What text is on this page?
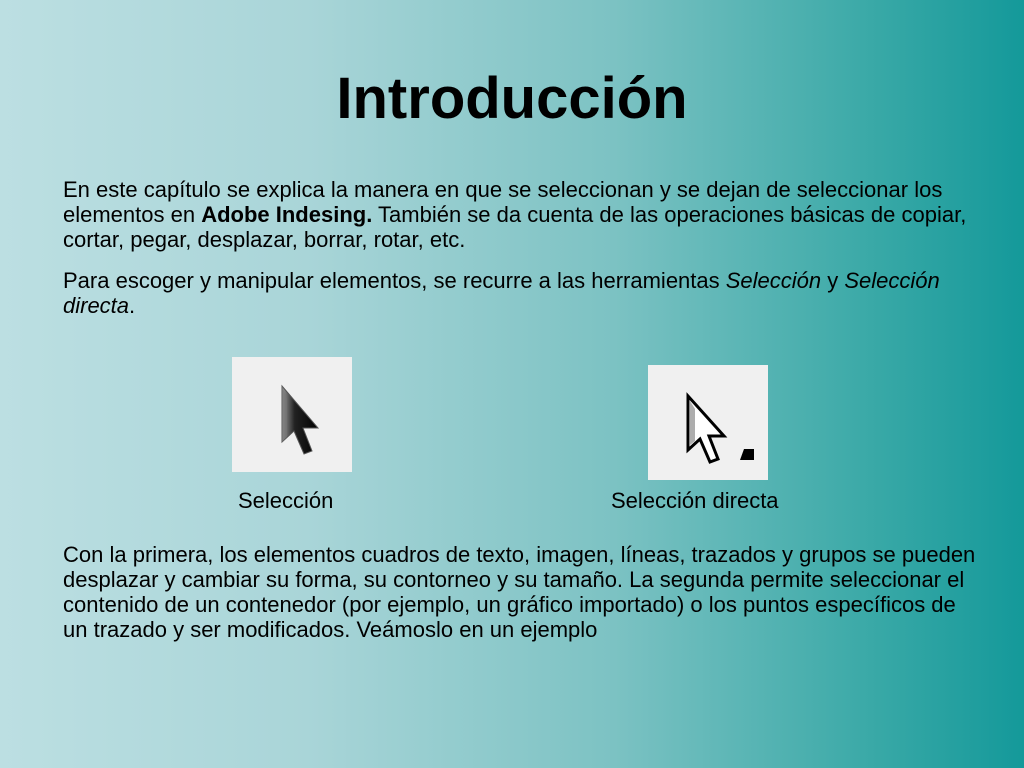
Introducción

En este capítulo se explica la manera en que se seleccionan y se dejan de seleccionar los elementos en Adobe Indesing. También se da cuenta de las operaciones básicas de copiar, cortar, pegar, desplazar, borrar, rotar, etc.

Para escoger y manipular elementos, se recurre a las herramientas Selección y Selección directa.

Selección	Selección directa

Con la primera, los elementos cuadros de texto, imagen, líneas, trazados y grupos se pueden desplazar y cambiar su forma, su contorneo y su tamaño. La segunda permite seleccionar el contenido de un contenedor (por ejemplo, un gráfico importado) o los puntos específicos de un trazado y ser modificados. Veámoslo en un ejemplo
